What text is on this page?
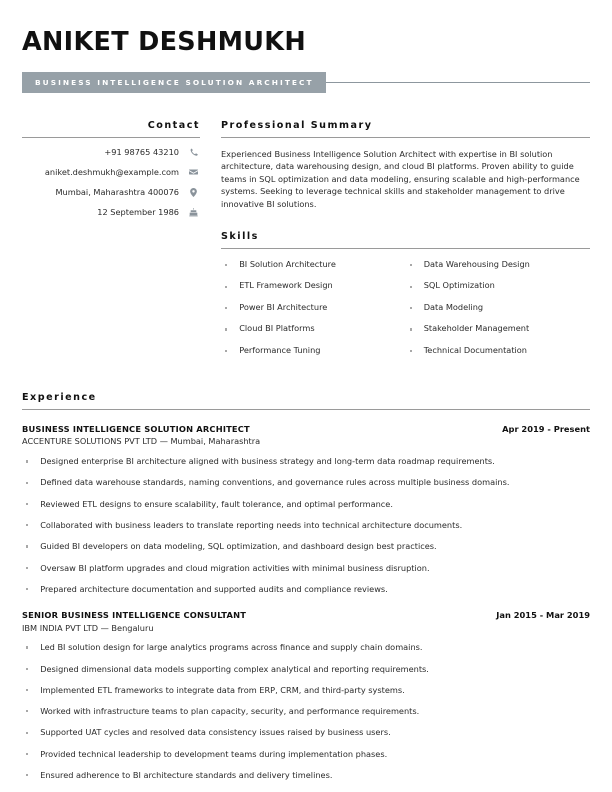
ANIKET DESHMUKH
BUSINESS INTELLIGENCE SOLUTION ARCHITECT
Contact
+91 98765 43210
aniket.deshmukh@example.com
Mumbai, Maharashtra 400076
12 September 1986
Professional Summary
Experienced Business Intelligence Solution Architect with expertise in BI solution architecture, data warehousing design, and cloud BI platforms. Proven ability to guide teams in SQL optimization and data modeling, ensuring scalable and high-performance systems. Seeking to leverage technical skills and stakeholder management to drive innovative BI solutions.
Skills
BI Solution Architecture
ETL Framework Design
Power BI Architecture
Cloud BI Platforms
Performance Tuning
Data Warehousing Design
SQL Optimization
Data Modeling
Stakeholder Management
Technical Documentation
Experience
BUSINESS INTELLIGENCE SOLUTION ARCHITECT	Apr 2019 - Present
ACCENTURE SOLUTIONS PVT LTD — Mumbai, Maharashtra
Designed enterprise BI architecture aligned with business strategy and long-term data roadmap requirements.
Defined data warehouse standards, naming conventions, and governance rules across multiple business domains.
Reviewed ETL designs to ensure scalability, fault tolerance, and optimal performance.
Collaborated with business leaders to translate reporting needs into technical architecture documents.
Guided BI developers on data modeling, SQL optimization, and dashboard design best practices.
Oversaw BI platform upgrades and cloud migration activities with minimal business disruption.
Prepared architecture documentation and supported audits and compliance reviews.
SENIOR BUSINESS INTELLIGENCE CONSULTANT	Jan 2015 - Mar 2019
IBM INDIA PVT LTD — Bengaluru
Led BI solution design for large analytics programs across finance and supply chain domains.
Designed dimensional data models supporting complex analytical and reporting requirements.
Implemented ETL frameworks to integrate data from ERP, CRM, and third-party systems.
Worked with infrastructure teams to plan capacity, security, and performance requirements.
Supported UAT cycles and resolved data consistency issues raised by business users.
Provided technical leadership to development teams during implementation phases.
Ensured adherence to BI architecture standards and delivery timelines.
